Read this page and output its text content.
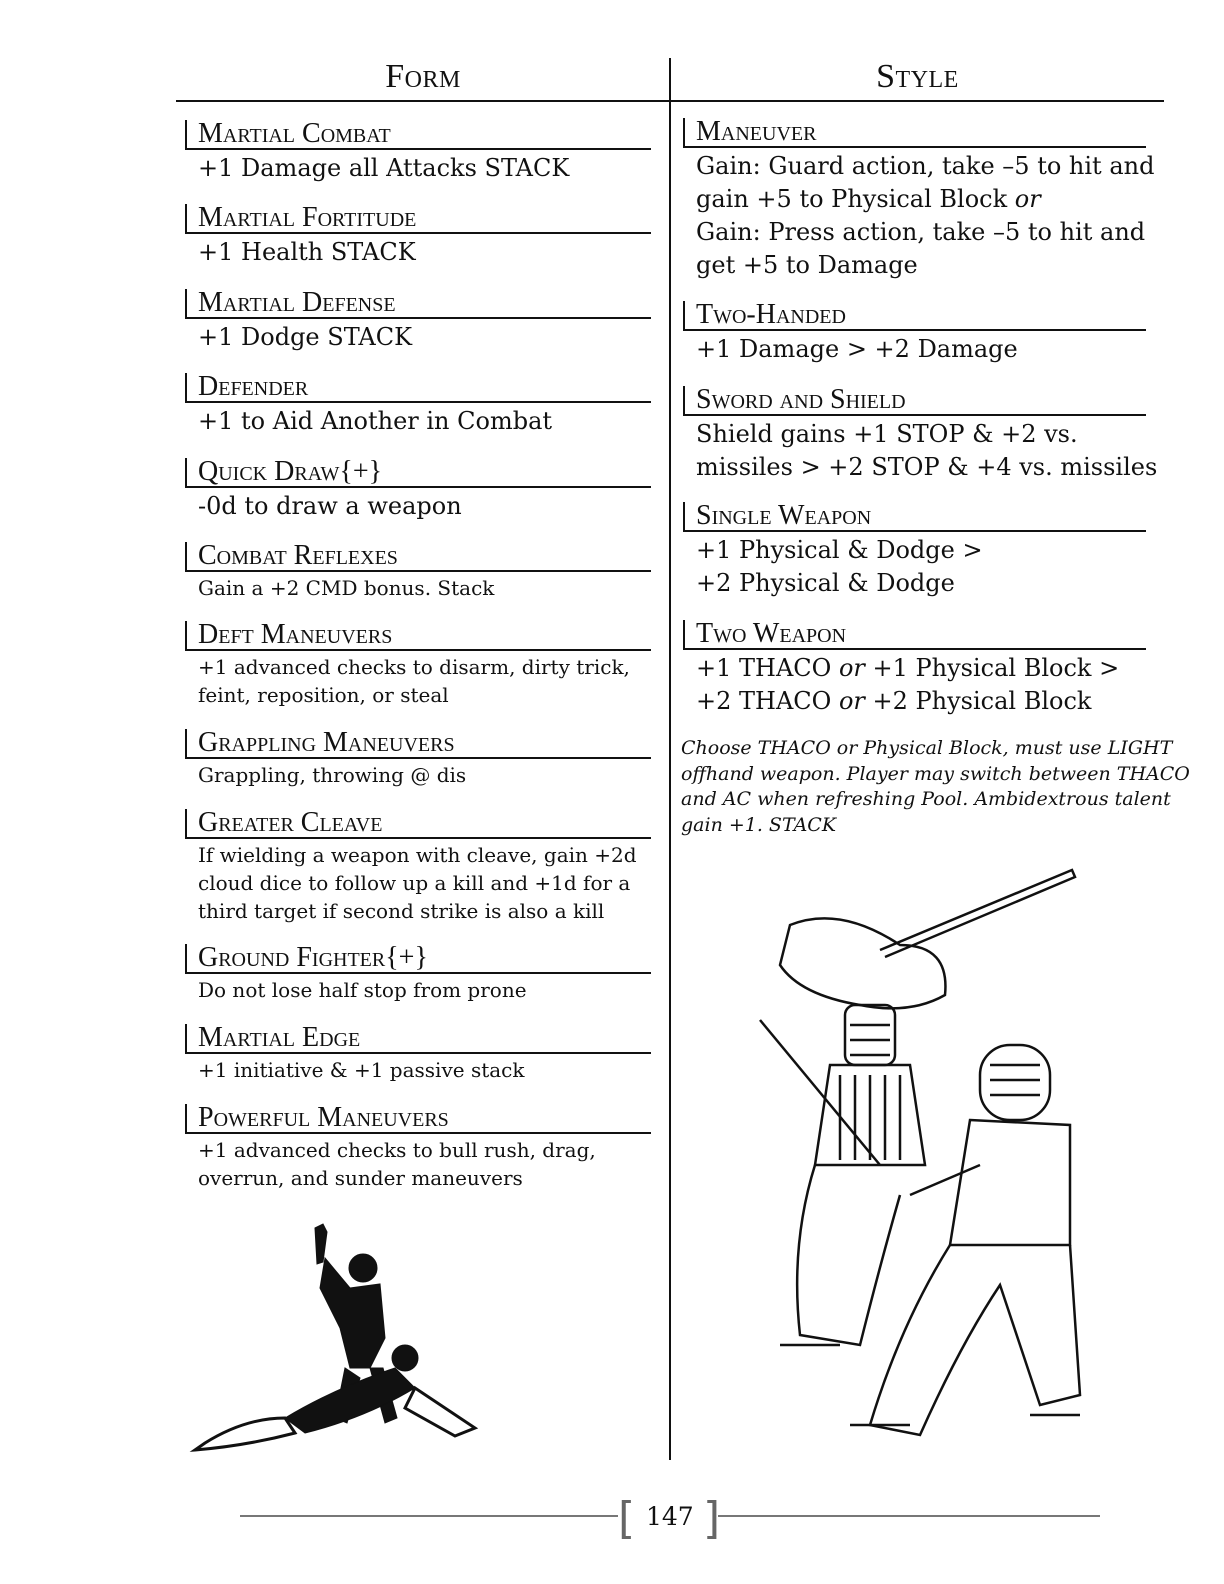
Form	Style
Martial Combat
+1 Damage all Attacks STACK
Martial Fortitude
+1 Health STACK
Martial Defense
+1 Dodge STACK
Defender
+1 to Aid Another in Combat
Quick Draw{+}
-0d to draw a weapon
Combat Reflexes
Gain a +2 CMD bonus. Stack
Deft Maneuvers
+1 advanced checks to disarm, dirty trick,
feint, reposition, or steal
Grappling Maneuvers
Grappling, throwing @ dis
Greater Cleave
If wielding a weapon with cleave, gain +2d
cloud dice to follow up a kill and +1d for a
third target if second strike is also a kill
Ground Fighter{+}
Do not lose half stop from prone
Martial Edge
+1 initiative & +1 passive stack
Powerful Maneuvers
+1 advanced checks to bull rush, drag,
overrun, and sunder maneuvers
Maneuver
Gain: Guard action, take –5 to hit and
gain +5 to Physical Block or
Gain: Press action, take –5 to hit and
get +5 to Damage
Two-Handed
+1 Damage > +2 Damage
Sword and Shield
Shield gains +1 STOP & +2 vs.
missiles > +2 STOP & +4 vs. missiles
Single Weapon
+1 Physical & Dodge >
+2 Physical & Dodge
Two Weapon
+1 THACO or +1 Physical Block >
+2 THACO or +2 Physical Block
Choose THACO or Physical Block, must use LIGHT
offhand weapon. Player may switch between THACO
and AC when refreshing Pool. Ambidextrous talent
gain +1. STACK
[ ]
147
